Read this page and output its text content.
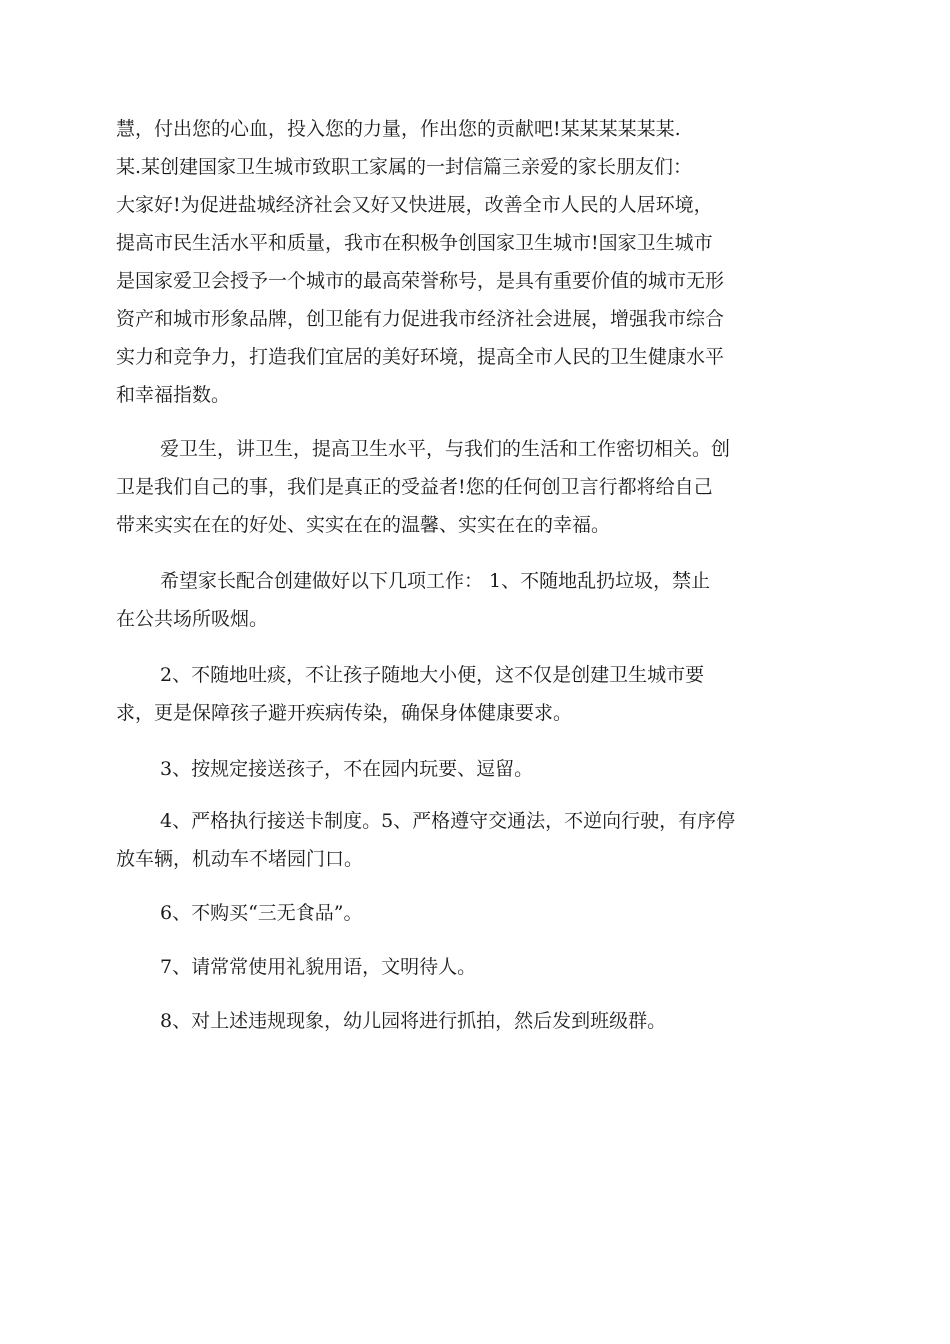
慧，付出您的心血，投入您的力量，作出您的贡献吧!某某某某某某.
某.某创建国家卫生城市致职工家属的一封信篇三亲爱的家长朋友们：
大家好!为促进盐城经济社会又好又快进展，改善全市人民的人居环境，
提高市民生活水平和质量，我市在积极争创国家卫生城市!国家卫生城市
是国家爱卫会授予一个城市的最高荣誉称号，是具有重要价值的城市无形
资产和城市形象品牌，创卫能有力促进我市经济社会进展，增强我市综合
实力和竞争力，打造我们宜居的美好环境，提高全市人民的卫生健康水平
和幸福指数。
爱卫生，讲卫生，提高卫生水平，与我们的生活和工作密切相关。创
卫是我们自己的事，我们是真正的受益者!您的任何创卫言行都将给自己
带来实实在在的好处、实实在在的温馨、实实在在的幸福。
希望家长配合创建做好以下几项工作： 1、不随地乱扔垃圾，禁止
在公共场所吸烟。
2、不随地吐痰，不让孩子随地大小便，这不仅是创建卫生城市要
求，更是保障孩子避开疾病传染，确保身体健康要求。
3、按规定接送孩子，不在园内玩要、逗留。
4、严格执行接送卡制度。5、严格遵守交通法，不逆向行驶，有序停
放车辆，机动车不堵园门口。
6、不购买“三无食品”。
7、请常常使用礼貌用语，文明待人。
8、对上述违规现象，幼儿园将进行抓拍，然后发到班级群。
